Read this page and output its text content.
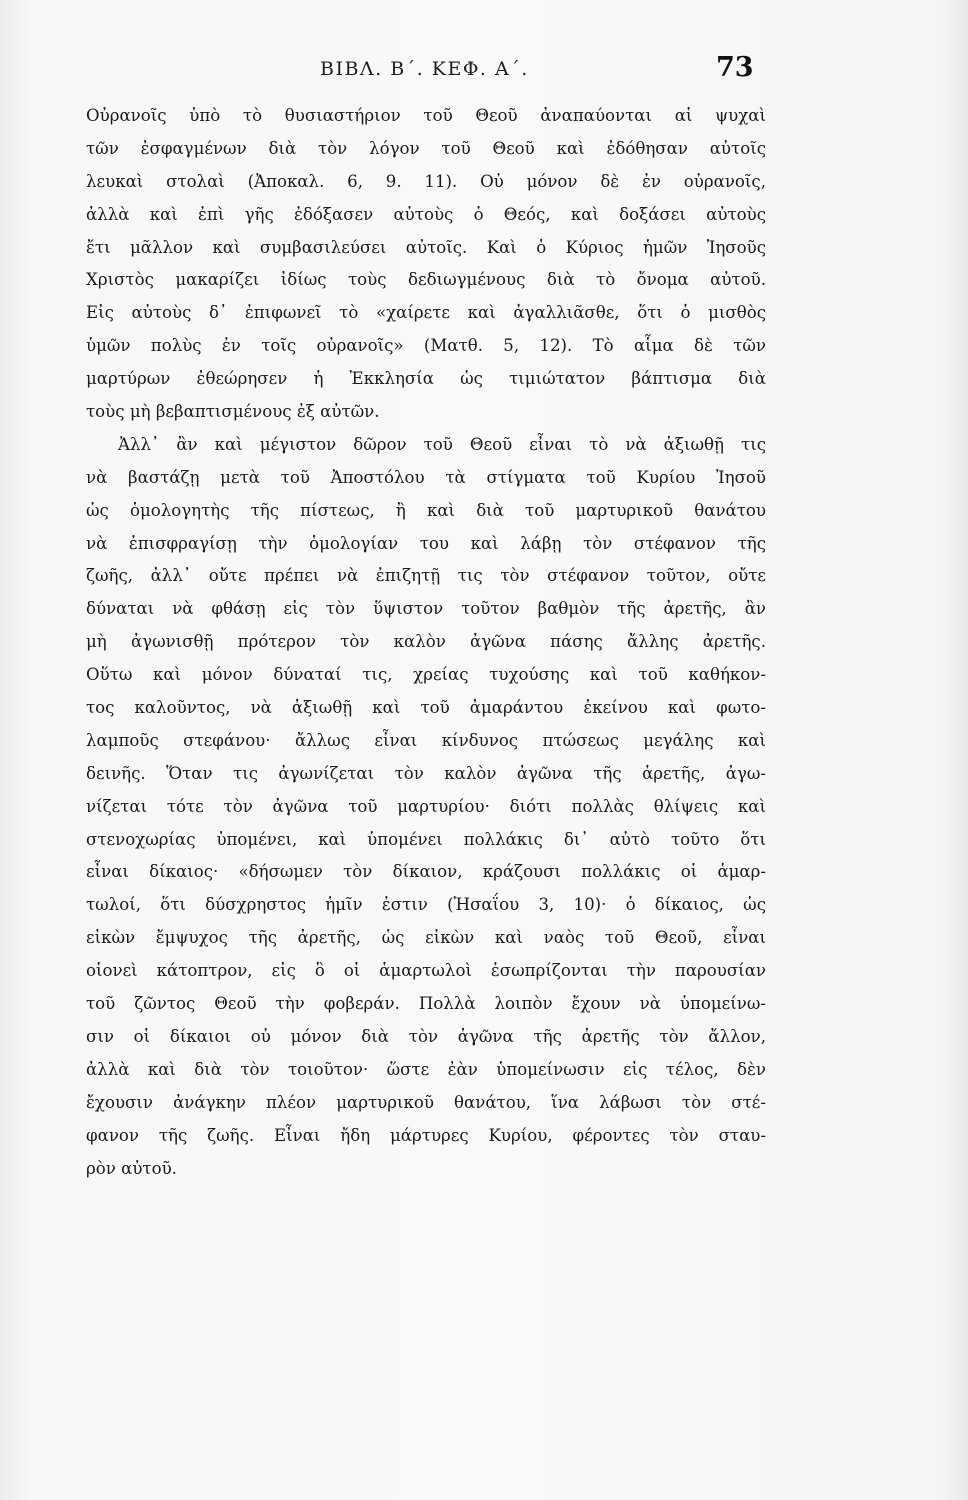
ΒΙΒΛ. Β΄. ΚΕΦ. Α΄.	73
Οὐρανοῖς ὑπὸ τὸ θυσιαστήριον τοῦ Θεοῦ ἀναπαύονται αἱ ψυχαὶ
τῶν ἐσφαγμένων διὰ τὸν λόγον τοῦ Θεοῦ καὶ ἐδόθησαν αὐτοῖς
λευκαὶ στολαὶ (Ἀποκαλ. 6, 9. 11). Οὐ μόνον δὲ ἐν οὐρανοῖς,
ἀλλὰ καὶ ἐπὶ γῆς ἐδόξασεν αὐτοὺς ὁ Θεός, καὶ δοξάσει αὐτοὺς
ἔτι μᾶλλον καὶ συμβασιλεύσει αὐτοῖς. Καὶ ὁ Κύριος ἡμῶν Ἰησοῦς
Χριστὸς μακαρίζει ἰδίως τοὺς δεδιωγμένους διὰ τὸ ὄνομα αὐτοῦ.
Εἰς αὐτοὺς δ᾽ ἐπιφωνεῖ τὸ «χαίρετε καὶ ἀγαλλιᾶσθε, ὅτι ὁ μισθὸς
ὑμῶν πολὺς ἐν τοῖς οὐρανοῖς» (Ματθ. 5, 12). Τὸ αἷμα δὲ τῶν
μαρτύρων ἐθεώρησεν ἡ Ἐκκλησία ὡς τιμιώτατον βάπτισμα διὰ
τοὺς μὴ βεβαπτισμένους ἐξ αὐτῶν.
Ἀλλ᾽ ἂν καὶ μέγιστον δῶρον τοῦ Θεοῦ εἶναι τὸ νὰ ἀξιωθῇ τις
νὰ βαστάζῃ μετὰ τοῦ Ἀποστόλου τὰ στίγματα τοῦ Κυρίου Ἰησοῦ
ὡς ὁμολογητὴς τῆς πίστεως, ἢ καὶ διὰ τοῦ μαρτυρικοῦ θανάτου
νὰ ἐπισφραγίσῃ τὴν ὁμολογίαν του καὶ λάβῃ τὸν στέφανον τῆς
ζωῆς, ἀλλ᾽ οὔτε πρέπει νὰ ἐπιζητῇ τις τὸν στέφανον τοῦτον, οὔτε
δύναται νὰ φθάσῃ εἰς τὸν ὕψιστον τοῦτον βαθμὸν τῆς ἀρετῆς, ἂν
μὴ ἀγωνισθῇ πρότερον τὸν καλὸν ἀγῶνα πάσης ἄλλης ἀρετῆς.
Οὕτω καὶ μόνον δύναταί τις, χρείας τυχούσης καὶ τοῦ καθήκον-
τος καλοῦντος, νὰ ἀξιωθῇ καὶ τοῦ ἀμαράντου ἐκείνου καὶ φωτο-
λαμποῦς στεφάνου· ἄλλως εἶναι κίνδυνος πτώσεως μεγάλης καὶ
δεινῆς. Ὅταν τις ἀγωνίζεται τὸν καλὸν ἀγῶνα τῆς ἀρετῆς, ἀγω-
νίζεται τότε τὸν ἀγῶνα τοῦ μαρτυρίου· διότι πολλὰς θλίψεις καὶ
στενοχωρίας ὑπομένει, καὶ ὑπομένει πολλάκις δι᾽ αὐτὸ τοῦτο ὅτι
εἶναι δίκαιος· «δήσωμεν τὸν δίκαιον, κράζουσι πολλάκις οἱ ἁμαρ-
τωλοί, ὅτι δύσχρηστος ἡμῖν ἐστιν (Ἠσαΐου 3, 10)· ὁ δίκαιος, ὡς
εἰκὼν ἔμψυχος τῆς ἀρετῆς, ὡς εἰκὼν καὶ ναὸς τοῦ Θεοῦ, εἶναι
οἱονεὶ κάτοπτρον, εἰς ὃ οἱ ἁμαρτωλοὶ ἐσωπρίζονται τὴν παρουσίαν
τοῦ ζῶντος Θεοῦ τὴν φοβεράν. Πολλὰ λοιπὸν ἔχουν νὰ ὑπομείνω-
σιν οἱ δίκαιοι οὐ μόνον διὰ τὸν ἀγῶνα τῆς ἀρετῆς τὸν ἄλλον,
ἀλλὰ καὶ διὰ τὸν τοιοῦτον· ὥστε ἐὰν ὑπομείνωσιν εἰς τέλος, δὲν
ἔχουσιν ἀνάγκην πλέον μαρτυρικοῦ θανάτου, ἵνα λάβωσι τὸν στέ-
φανον τῆς ζωῆς. Εἶναι ἤδη μάρτυρες Κυρίου, φέροντες τὸν σταυ-
ρὸν αὐτοῦ.
